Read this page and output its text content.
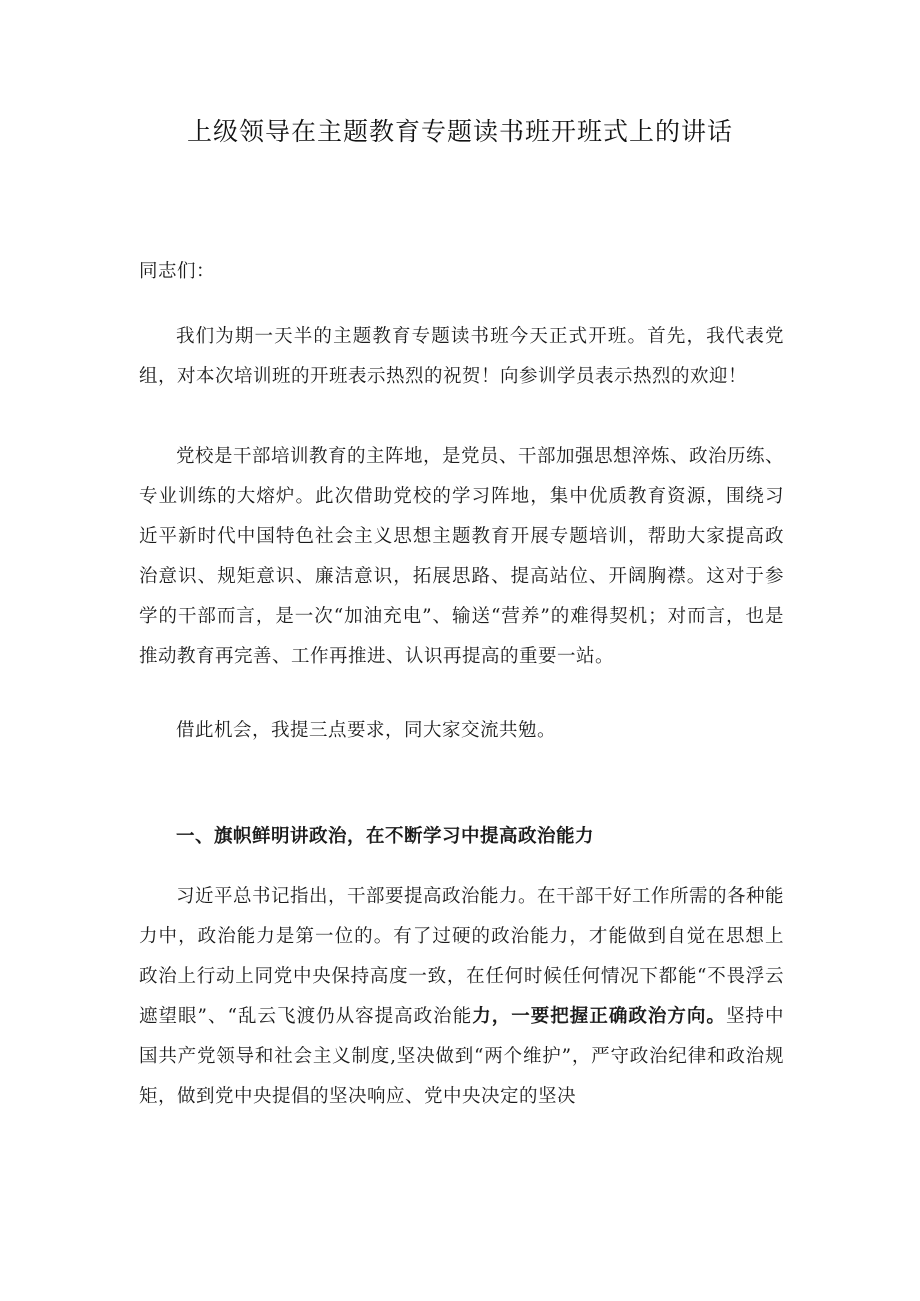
上级领导在主题教育专题读书班开班式上的讲话
同志们：
我们为期一天半的主题教育专题读书班今天正式开班。首先，我代表党组，对本次培训班的开班表示热烈的祝贺！向参训学员表示热烈的欢迎！
党校是干部培训教育的主阵地，是党员、干部加强思想淬炼、政治历练、专业训练的大熔炉。此次借助党校的学习阵地，集中优质教育资源，围绕习近平新时代中国特色社会主义思想主题教育开展专题培训，帮助大家提高政治意识、规矩意识、廉洁意识，拓展思路、提高站位、开阔胸襟。这对于参学的干部而言，是一次“加油充电”、输送“营养”的难得契机；对而言，也是推动教育再完善、工作再推进、认识再提高的重要一站。
借此机会，我提三点要求，同大家交流共勉。
一、旗帜鲜明讲政治，在不断学习中提高政治能力
习近平总书记指出，干部要提高政治能力。在干部干好工作所需的各种能力中，政治能力是第一位的。有了过硬的政治能力，才能做到自觉在思想上政治上行动上同党中央保持高度一致，在任何时候任何情况下都能“不畏浮云遮望眼”、“乱云飞渡仍从容提高政治能力，一要把握正确政治方向。坚持中国共产党领导和社会主义制度,坚决做到“两个维护”，严守政治纪律和政治规矩，做到党中央提倡的坚决响应、党中央决定的坚决
